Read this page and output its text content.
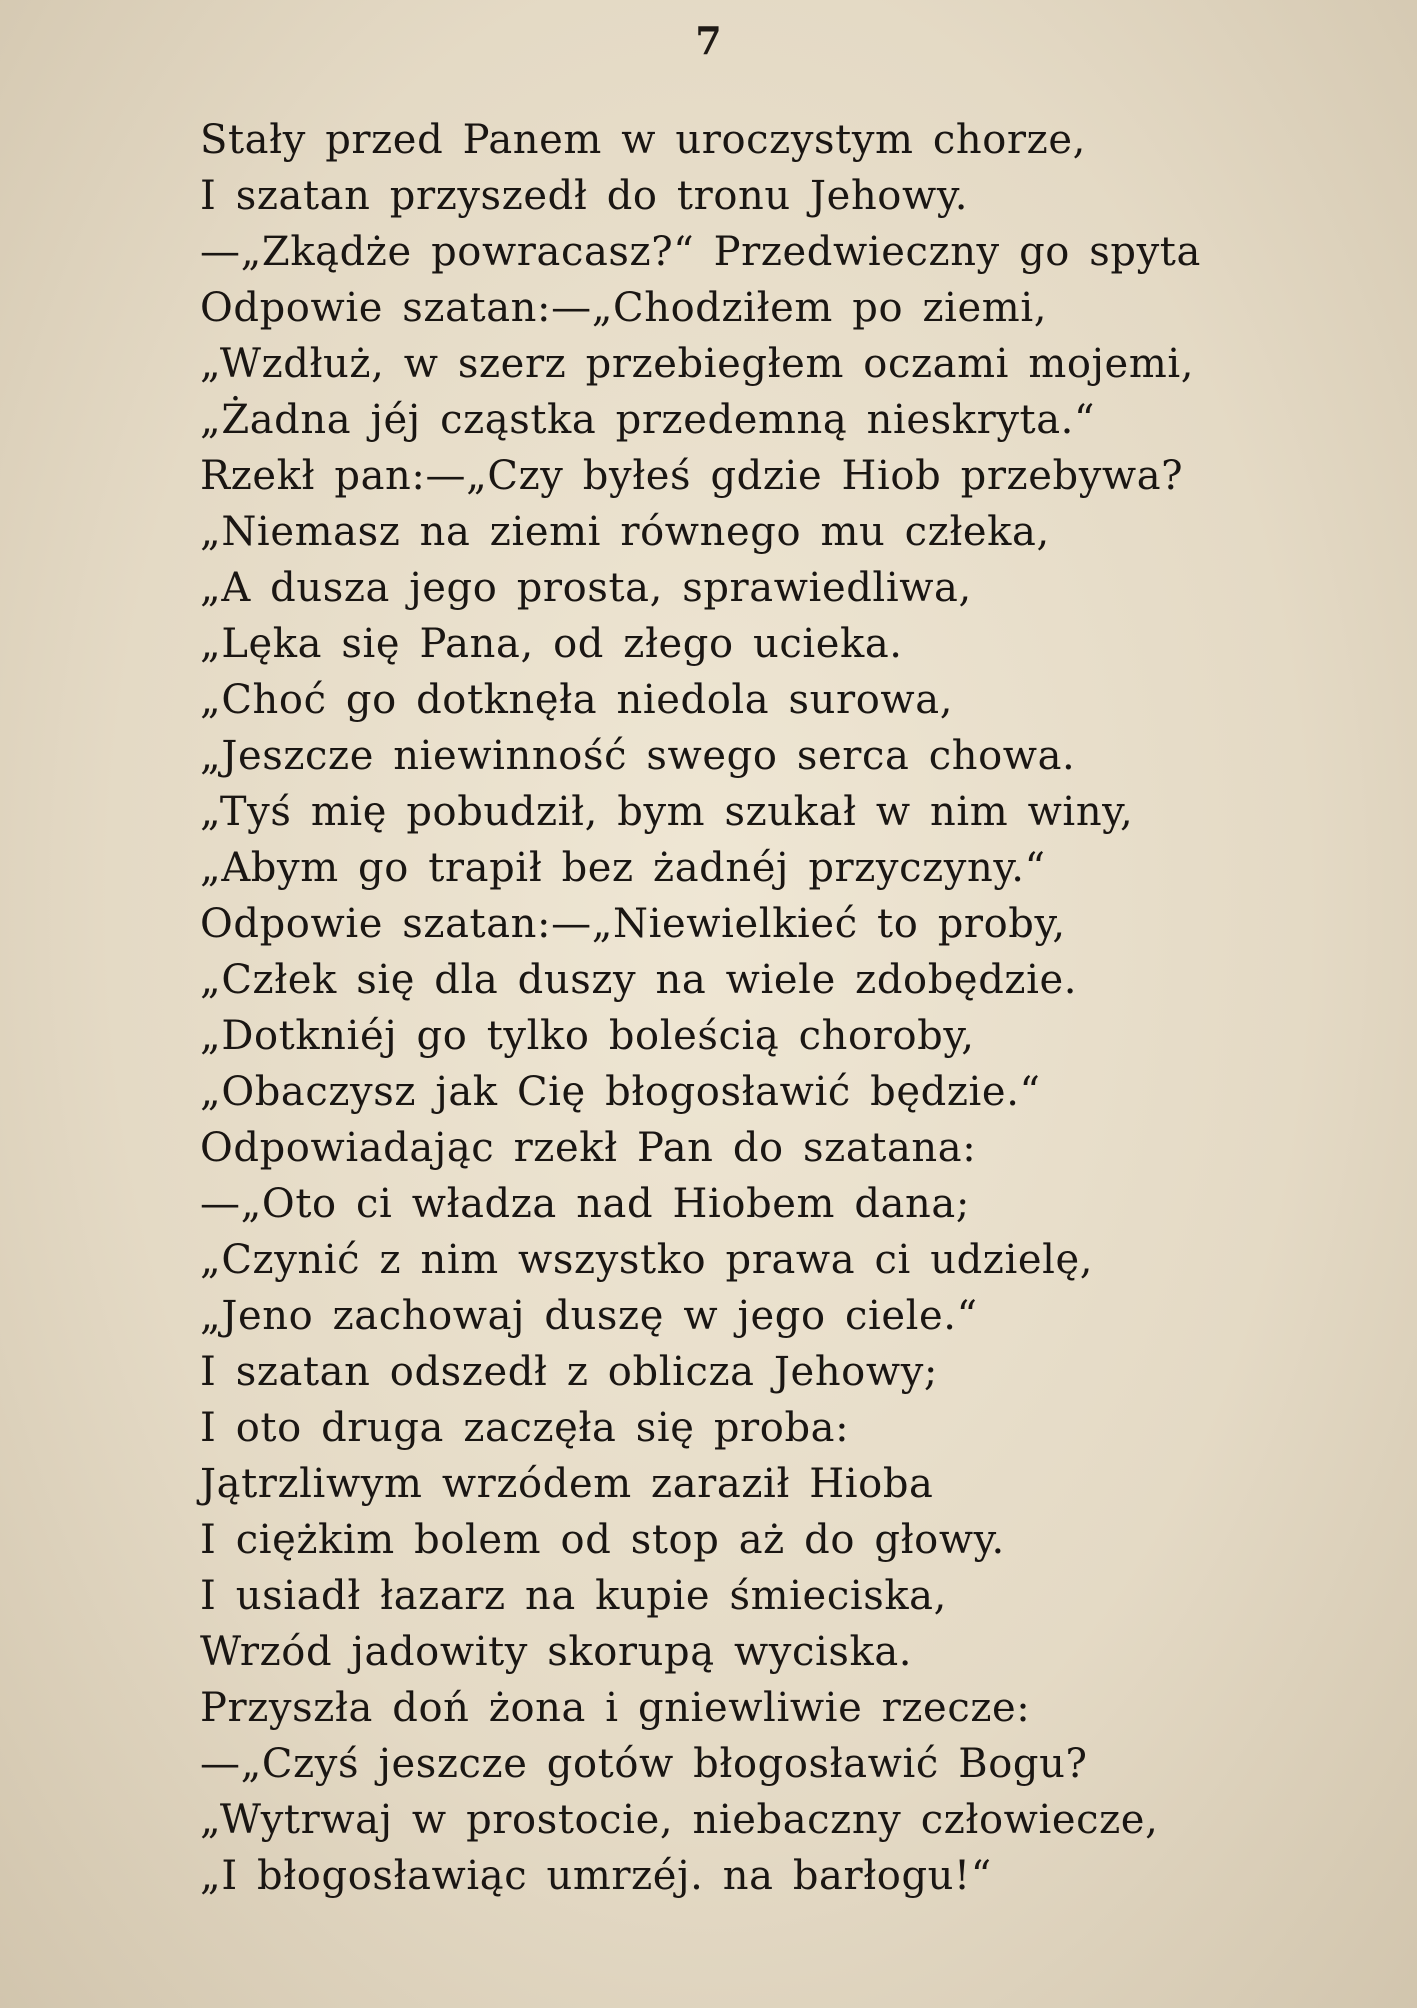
7
Stały przed Panem w uroczystym chorze,
I szatan przyszedł do tronu Jehowy.
—„Zkądże powracasz?“ Przedwieczny go spyta
Odpowie szatan:—„Chodziłem po ziemi,
„Wzdłuż, w szerz przebiegłem oczami mojemi,
„Żadna jéj cząstka przedemną nieskryta.“
Rzekł pan:—„Czy byłeś gdzie Hiob przebywa?
„Niemasz na ziemi równego mu człeka,
„A dusza jego prosta, sprawiedliwa,
„Lęka się Pana, od złego ucieka.
„Choć go dotknęła niedola surowa,
„Jeszcze niewinność swego serca chowa.
„Tyś mię pobudził, bym szukał w nim winy,
„Abym go trapił bez żadnéj przyczyny.“
Odpowie szatan:—„Niewielkieć to proby,
„Człek się dla duszy na wiele zdobędzie.
„Dotkniéj go tylko boleścią choroby,
„Obaczysz jak Cię błogosławić będzie.“
Odpowiadając rzekł Pan do szatana:
—„Oto ci władza nad Hiobem dana;
„Czynić z nim wszystko prawa ci udzielę,
„Jeno zachowaj duszę w jego ciele.“
I szatan odszedł z oblicza Jehowy;
I oto druga zaczęła się proba:
Jątrzliwym wrzódem zaraził Hioba
I ciężkim bolem od stop aż do głowy.
I usiadł łazarz na kupie śmieciska,
Wrzód jadowity skorupą wyciska.
Przyszła doń żona i gniewliwie rzecze:
—„Czyś jeszcze gotów błogosławić Bogu?
„Wytrwaj w prostocie, niebaczny człowiecze,
„I błogosławiąc umrzéj. na barłogu!“
